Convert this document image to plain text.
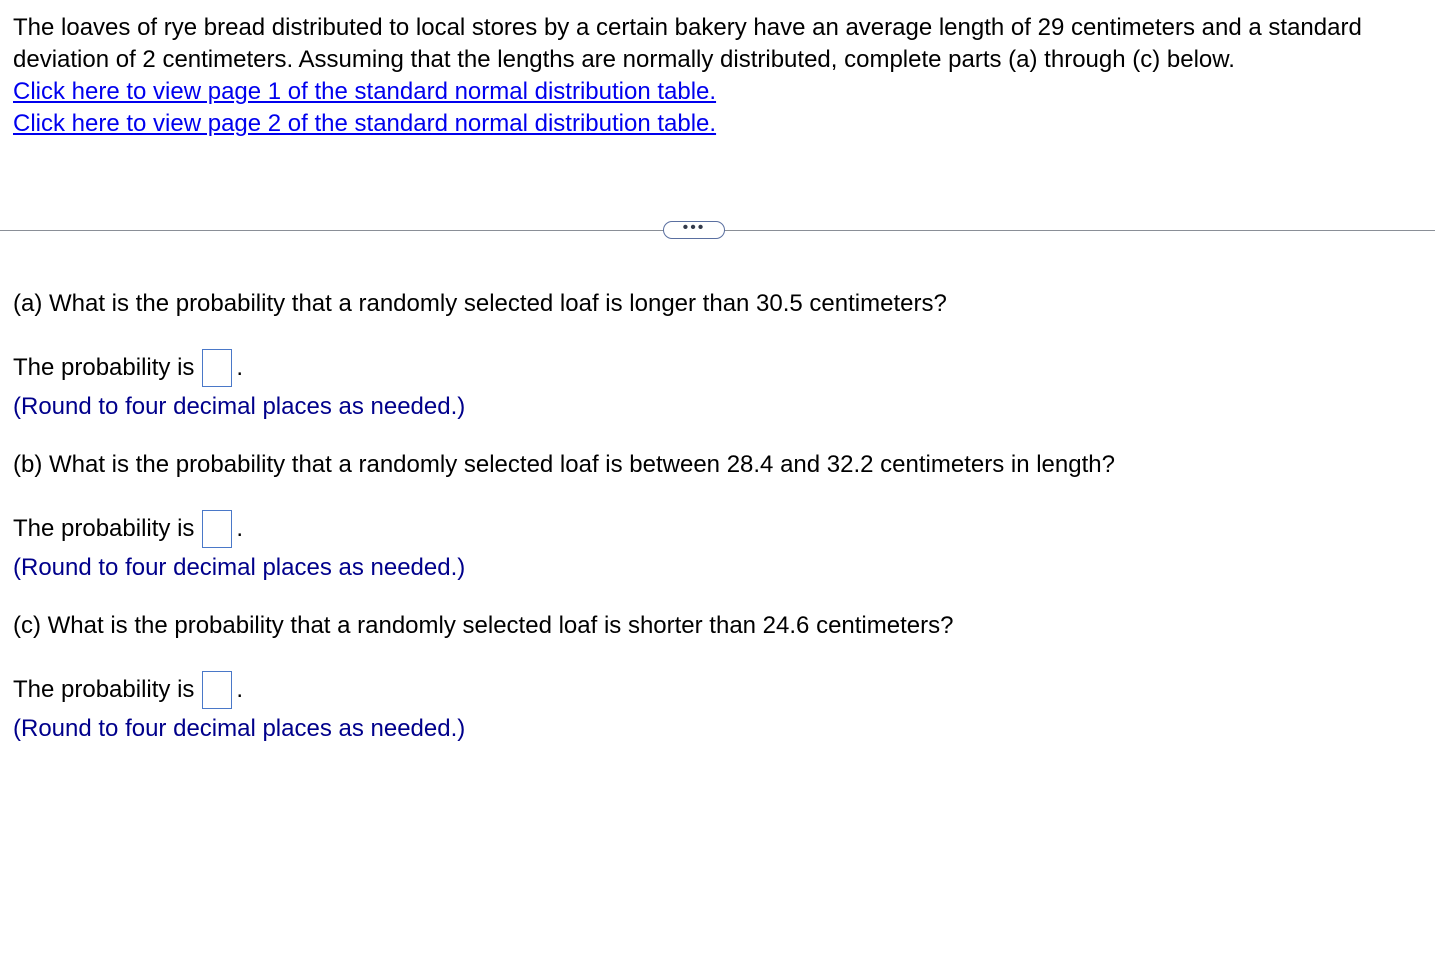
The loaves of rye bread distributed to local stores by a certain bakery have an average length of 29 centimeters and a standard deviation of 2 centimeters. Assuming that the lengths are normally distributed, complete parts (a) through (c) below.

Click here to view page 1 of the standard normal distribution table.
Click here to view page 2 of the standard normal distribution table.
•••

(a) What is the probability that a randomly selected loaf is longer than 30.5 centimeters?

The probability is .
(Round to four decimal places as needed.)

(b) What is the probability that a randomly selected loaf is between 28.4 and 32.2 centimeters in length?

The probability is .
(Round to four decimal places as needed.)

(c) What is the probability that a randomly selected loaf is shorter than 24.6 centimeters?

The probability is .
(Round to four decimal places as needed.)
